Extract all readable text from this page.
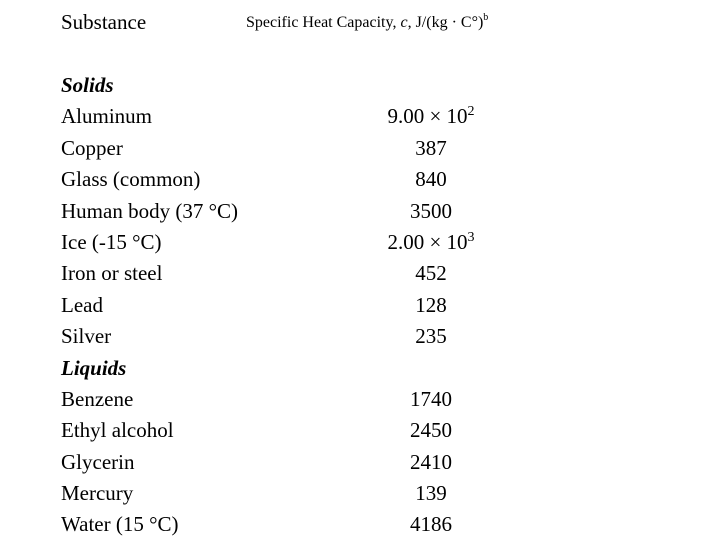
Substance	Specific Heat Capacity, c, J/(kg · C°)$^b$
Solids
Aluminum	$9.00 \times 10^2$
Copper	387
Glass (common)	840
Human body (37 °C)	3500
Ice (-15 °C)	$2.00 \times 10^3$
Iron or steel	452
Lead	128
Silver	235
Liquids
Benzene	1740
Ethyl alcohol	2450
Glycerin	2410
Mercury	139
Water (15 °C)	4186
